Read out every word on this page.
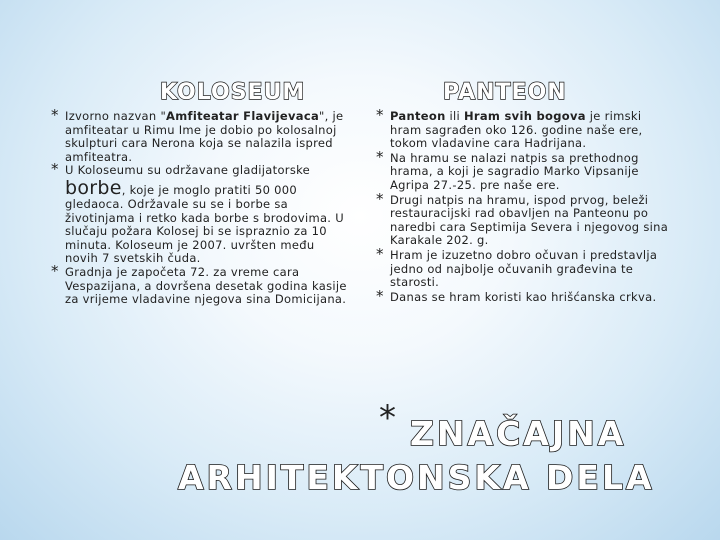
KOLOSEUM	PANTEON
* Izvorno nazvan "Amfiteatar Flavijevaca", je amfiteatar u Rimu Ime je dobio po kolosalnoj skulpturi cara Nerona koja se nalazila ispred amfiteatra.
* U Koloseumu su održavane gladijatorske borbe, koje je moglo pratiti 50 000 gledaoca. Održavale su se i borbe sa životinjama i retko kada borbe s brodovima. U slučaju požara Kolosej bi se ispraznio za 10 minuta. Koloseum je 2007. uvršten među novih 7 svetskih čuda.
* Gradnja je započeta 72. za vreme cara Vespazijana, a dovršena desetak godina kasije za vrijeme vladavine njegova sina Domicijana.
* Panteon ili Hram svih bogova je rimski hram sagrađen oko 126. godine naše ere, tokom vladavine cara Hadrijana.
* Na hramu se nalazi natpis sa prethodnog hrama, a koji je sagradio Marko Vipsanije Agripa 27.-25. pre naše ere.
* Drugi natpis na hramu, ispod prvog, beleži restauracijski rad obavljen na Panteonu po naredbi cara Septimija Severa i njegovog sina Karakale 202. g.
* Hram je izuzetno dobro očuvan i predstavlja jedno od najbolje očuvanih građevina te starosti.
* Danas se hram koristi kao hrišćanska crkva.
* ZNAČAJNA
ARHITEKTONSKA DELA
